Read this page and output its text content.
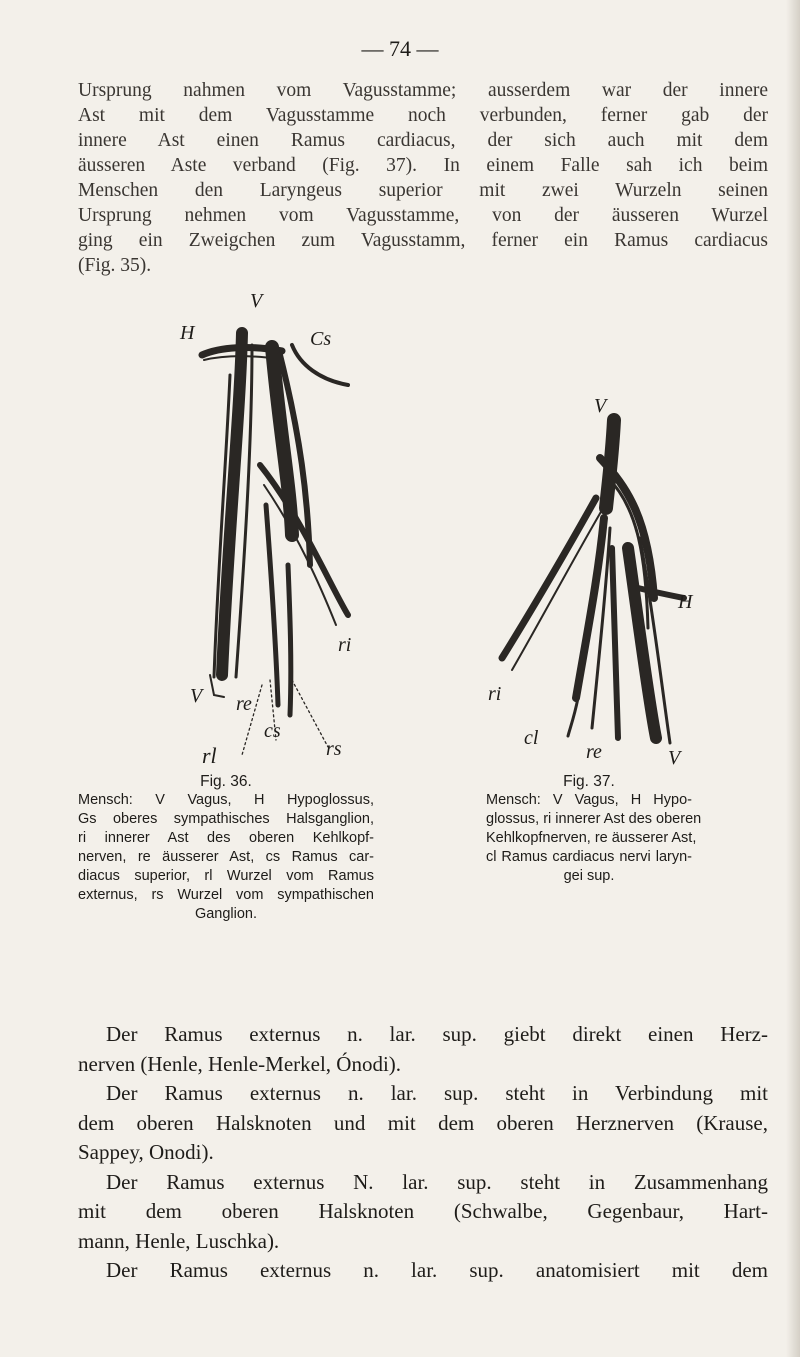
— 74 —
Ursprung nahmen vom Vagusstamme; ausserdem war der innere
Ast mit dem Vagusstamme noch verbunden, ferner gab der
innere Ast einen Ramus cardiacus, der sich auch mit dem
äusseren Aste verband (Fig. 37). In einem Falle sah ich beim
Menschen den Laryngeus superior mit zwei Wurzeln seinen
Ursprung nehmen vom Vagusstamme, von der äusseren Wurzel
ging ein Zweigchen zum Vagusstamm, ferner ein Ramus cardiacus
(Fig. 35).
V
H	Cs
ri
re
V
rl
cs
rs
Fig. 36.
Mensch: V Vagus, H Hypoglossus,
Gs oberes sympathisches Halsganglion,
ri innerer Ast des oberen Kehlkopf-
nerven, re äusserer Ast, cs Ramus car-
diacus superior, rl Wurzel vom Ramus
externus, rs Wurzel vom sympathischen
Ganglion.
V
H
ri
cl
re	V
Fig. 37.
Mensch: V Vagus, H Hypo-
glossus, ri innerer Ast des oberen
Kehlkopfnerven, re äusserer Ast,
cl Ramus cardiacus nervi laryn-
gei sup.
Der Ramus externus n. lar. sup. giebt direkt einen Herz-
nerven (Henle, Henle-Merkel, Ónodi).
Der Ramus externus n. lar. sup. steht in Verbindung mit
dem oberen Halsknoten und mit dem oberen Herznerven (Krause,
Sappey, Onodi).
Der Ramus externus N. lar. sup. steht in Zusammenhang
mit dem oberen Halsknoten (Schwalbe, Gegenbaur, Hart-
mann, Henle, Luschka).
Der Ramus externus n. lar. sup. anatomisiert mit dem
